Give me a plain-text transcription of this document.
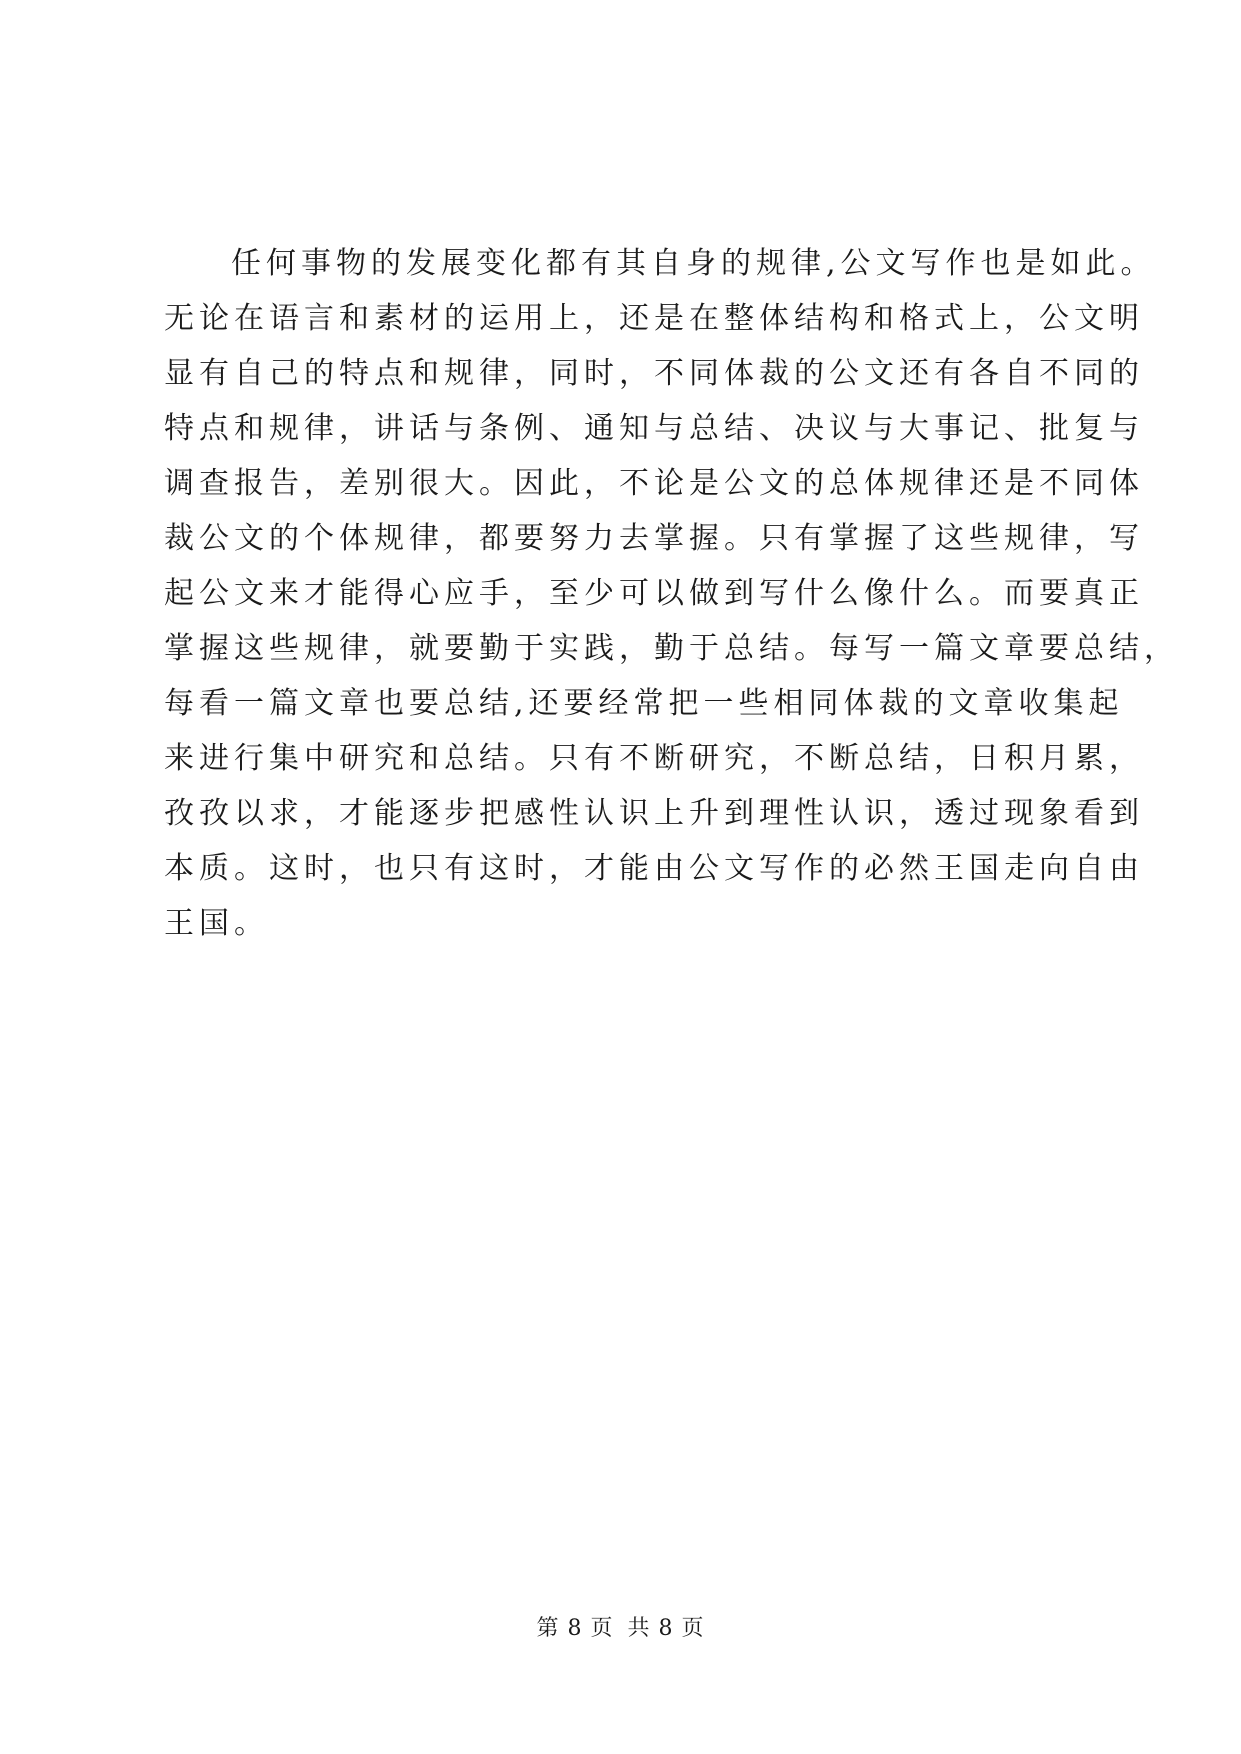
任何事物的发展变化都有其自身的规律,公文写作也是如此。
无论在语言和素材的运用上，还是在整体结构和格式上，公文明
显有自己的特点和规律，同时，不同体裁的公文还有各自不同的
特点和规律，讲话与条例、通知与总结、决议与大事记、批复与
调查报告，差别很大。因此，不论是公文的总体规律还是不同体
裁公文的个体规律，都要努力去掌握。只有掌握了这些规律，写
起公文来才能得心应手，至少可以做到写什么像什么。而要真正
掌握这些规律，就要勤于实践，勤于总结。每写一篇文章要总结，
每看一篇文章也要总结,还要经常把一些相同体裁的文章收集起
来进行集中研究和总结。只有不断研究，不断总结，日积月累，
孜孜以求，才能逐步把感性认识上升到理性认识，透过现象看到
本质。这时，也只有这时，才能由公文写作的必然王国走向自由
王国。
第 8 页 共 8 页
